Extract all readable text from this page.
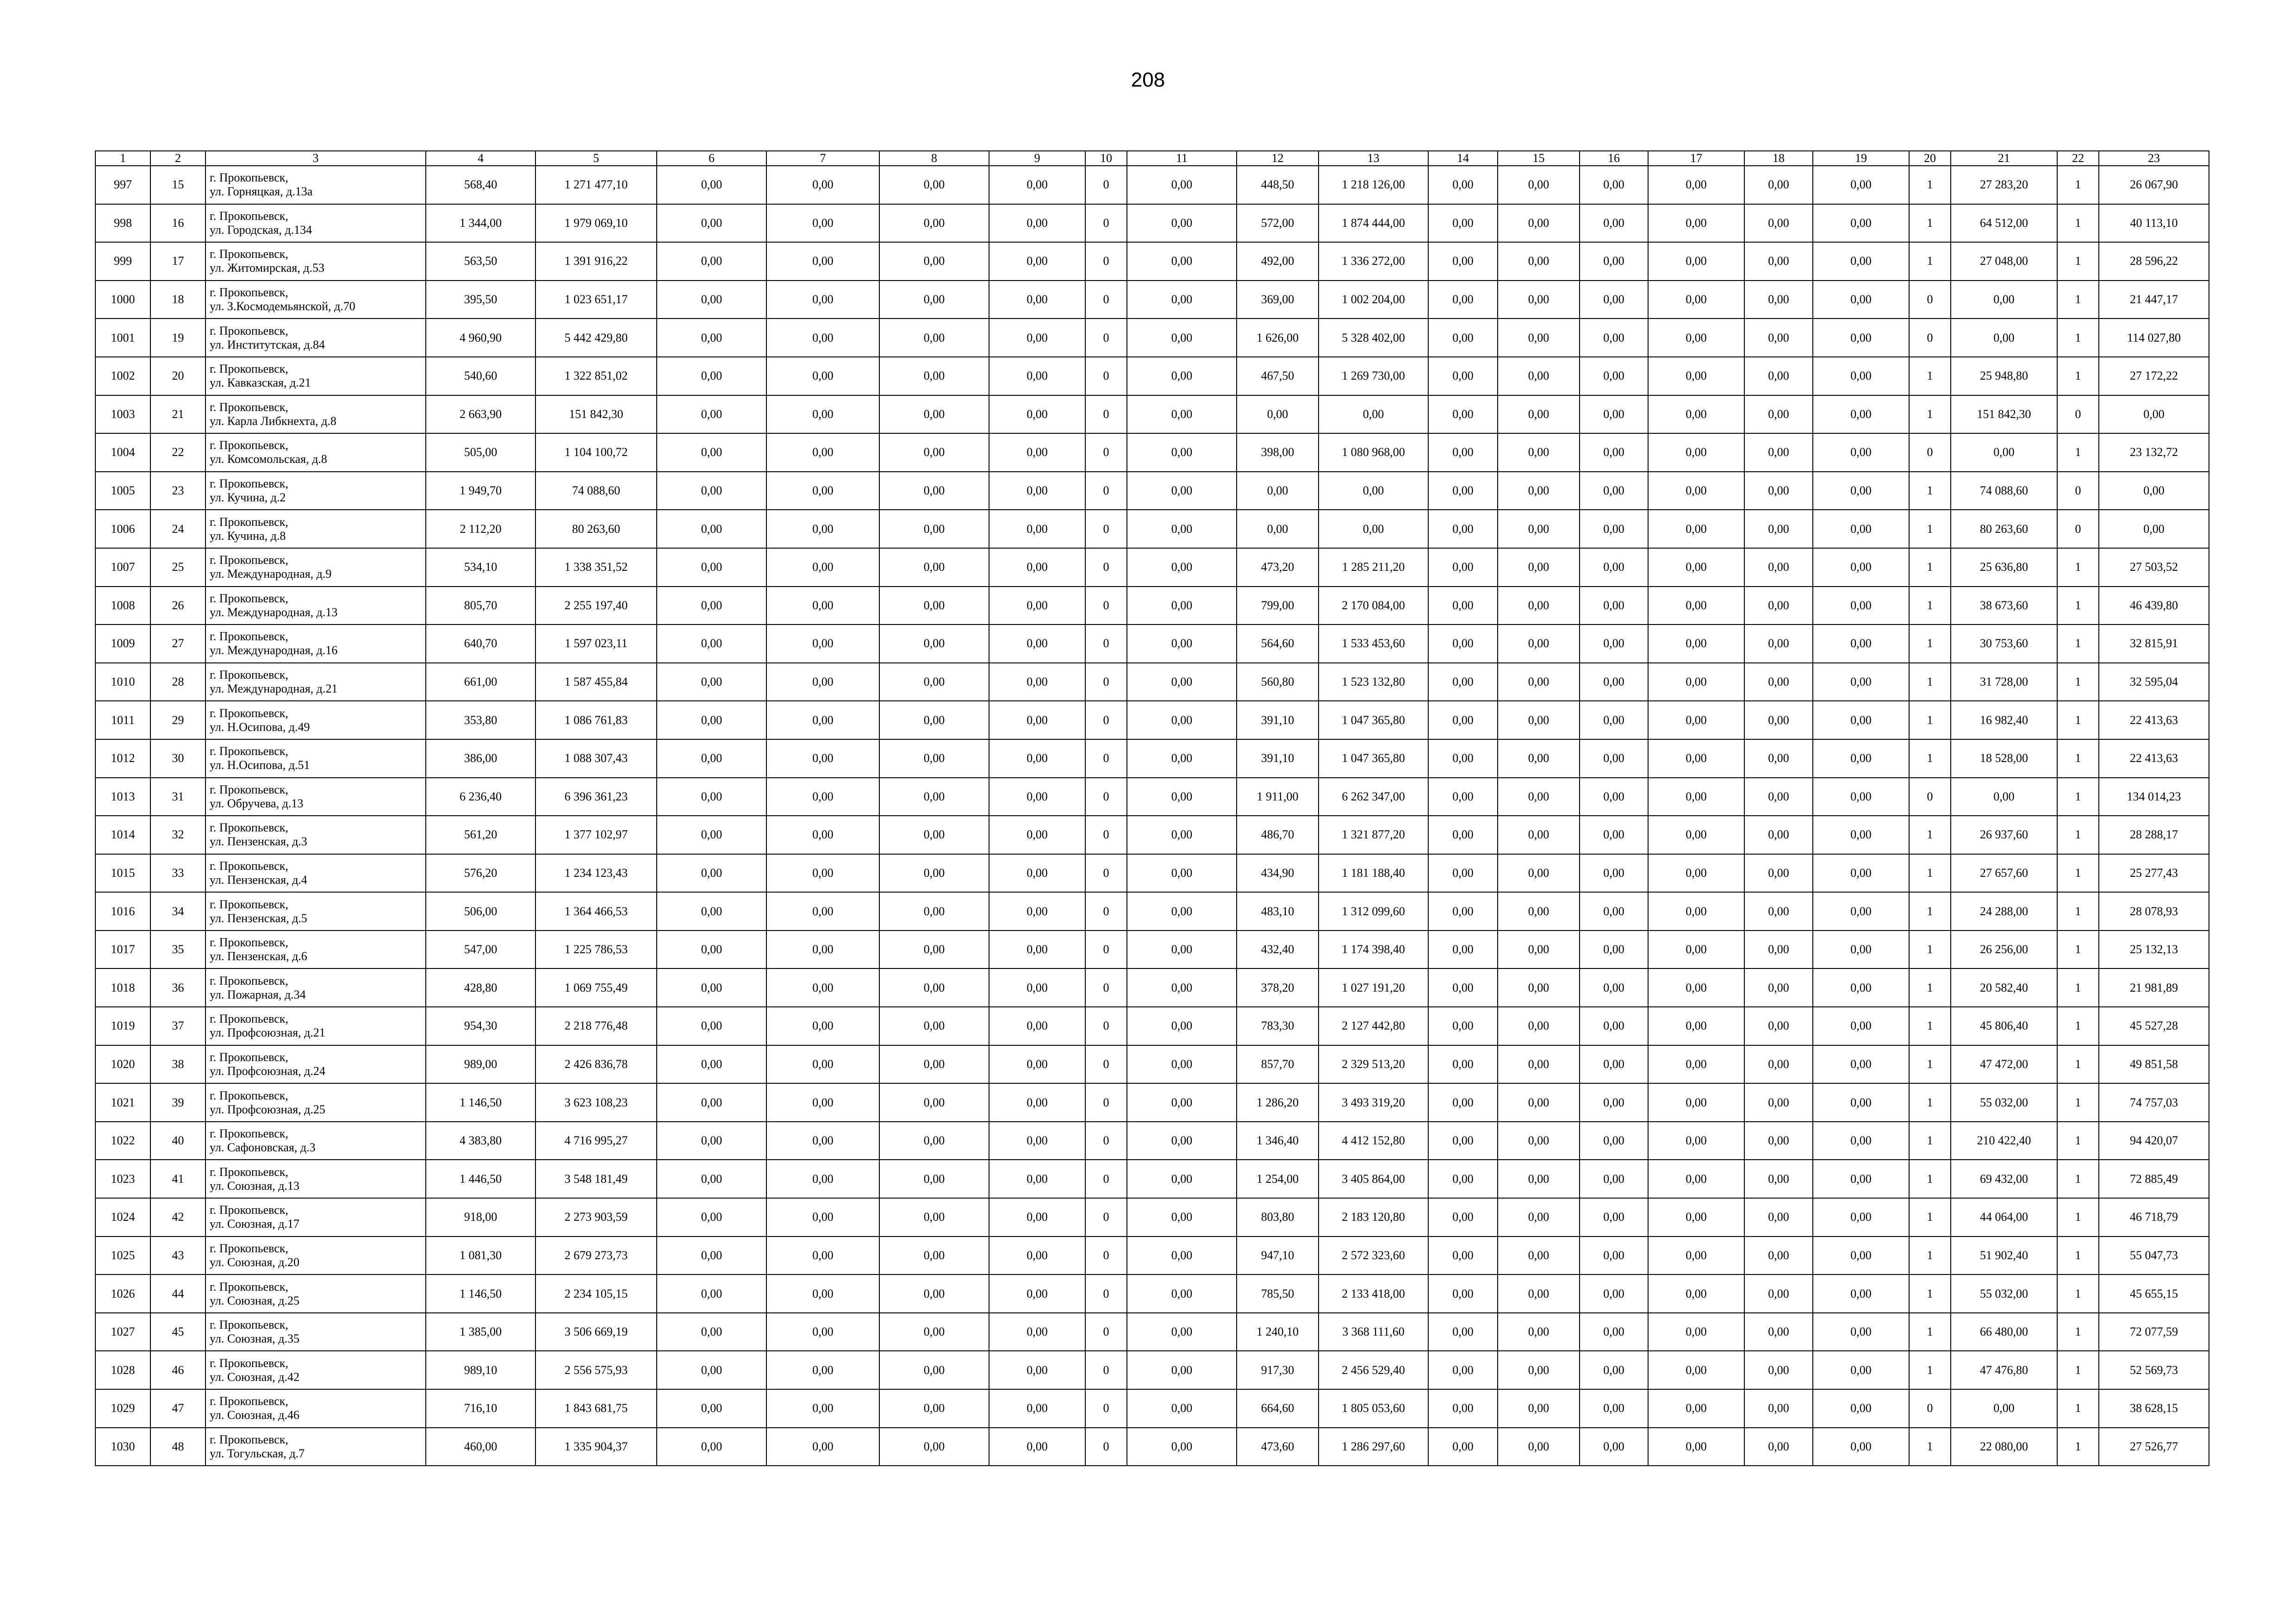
208
1	2	3	4	5	6	7	8	9	10	11	12	13	14	15	16	17	18	19	20	21	22	23
997	15	г. Прокопьевск,
ул. Горняцкая, д.13а	568,40	1 271 477,10	0,00	0,00	0,00	0,00	0	0,00	448,50	1 218 126,00	0,00	0,00	0,00	0,00	0,00	0,00	1	27 283,20	1	26 067,90
998	16	г. Прокопьевск,
ул. Городская, д.134	1 344,00	1 979 069,10	0,00	0,00	0,00	0,00	0	0,00	572,00	1 874 444,00	0,00	0,00	0,00	0,00	0,00	0,00	1	64 512,00	1	40 113,10
999	17	г. Прокопьевск,
ул. Житомирская, д.53	563,50	1 391 916,22	0,00	0,00	0,00	0,00	0	0,00	492,00	1 336 272,00	0,00	0,00	0,00	0,00	0,00	0,00	1	27 048,00	1	28 596,22
1000	18	г. Прокопьевск,
ул. З.Космодемьянской, д.70	395,50	1 023 651,17	0,00	0,00	0,00	0,00	0	0,00	369,00	1 002 204,00	0,00	0,00	0,00	0,00	0,00	0,00	0	0,00	1	21 447,17
1001	19	г. Прокопьевск,
ул. Институтская, д.84	4 960,90	5 442 429,80	0,00	0,00	0,00	0,00	0	0,00	1 626,00	5 328 402,00	0,00	0,00	0,00	0,00	0,00	0,00	0	0,00	1	114 027,80
1002	20	г. Прокопьевск,
ул. Кавказская, д.21	540,60	1 322 851,02	0,00	0,00	0,00	0,00	0	0,00	467,50	1 269 730,00	0,00	0,00	0,00	0,00	0,00	0,00	1	25 948,80	1	27 172,22
1003	21	г. Прокопьевск,
ул. Карла Либкнехта, д.8	2 663,90	151 842,30	0,00	0,00	0,00	0,00	0	0,00	0,00	0,00	0,00	0,00	0,00	0,00	0,00	0,00	1	151 842,30	0	0,00
1004	22	г. Прокопьевск,
ул. Комсомольская, д.8	505,00	1 104 100,72	0,00	0,00	0,00	0,00	0	0,00	398,00	1 080 968,00	0,00	0,00	0,00	0,00	0,00	0,00	0	0,00	1	23 132,72
1005	23	г. Прокопьевск,
ул. Кучина, д.2	1 949,70	74 088,60	0,00	0,00	0,00	0,00	0	0,00	0,00	0,00	0,00	0,00	0,00	0,00	0,00	0,00	1	74 088,60	0	0,00
1006	24	г. Прокопьевск,
ул. Кучина, д.8	2 112,20	80 263,60	0,00	0,00	0,00	0,00	0	0,00	0,00	0,00	0,00	0,00	0,00	0,00	0,00	0,00	1	80 263,60	0	0,00
1007	25	г. Прокопьевск,
ул. Международная, д.9	534,10	1 338 351,52	0,00	0,00	0,00	0,00	0	0,00	473,20	1 285 211,20	0,00	0,00	0,00	0,00	0,00	0,00	1	25 636,80	1	27 503,52
1008	26	г. Прокопьевск,
ул. Международная, д.13	805,70	2 255 197,40	0,00	0,00	0,00	0,00	0	0,00	799,00	2 170 084,00	0,00	0,00	0,00	0,00	0,00	0,00	1	38 673,60	1	46 439,80
1009	27	г. Прокопьевск,
ул. Международная, д.16	640,70	1 597 023,11	0,00	0,00	0,00	0,00	0	0,00	564,60	1 533 453,60	0,00	0,00	0,00	0,00	0,00	0,00	1	30 753,60	1	32 815,91
1010	28	г. Прокопьевск,
ул. Международная, д.21	661,00	1 587 455,84	0,00	0,00	0,00	0,00	0	0,00	560,80	1 523 132,80	0,00	0,00	0,00	0,00	0,00	0,00	1	31 728,00	1	32 595,04
1011	29	г. Прокопьевск,
ул. Н.Осипова, д.49	353,80	1 086 761,83	0,00	0,00	0,00	0,00	0	0,00	391,10	1 047 365,80	0,00	0,00	0,00	0,00	0,00	0,00	1	16 982,40	1	22 413,63
1012	30	г. Прокопьевск,
ул. Н.Осипова, д.51	386,00	1 088 307,43	0,00	0,00	0,00	0,00	0	0,00	391,10	1 047 365,80	0,00	0,00	0,00	0,00	0,00	0,00	1	18 528,00	1	22 413,63
1013	31	г. Прокопьевск,
ул. Обручева, д.13	6 236,40	6 396 361,23	0,00	0,00	0,00	0,00	0	0,00	1 911,00	6 262 347,00	0,00	0,00	0,00	0,00	0,00	0,00	0	0,00	1	134 014,23
1014	32	г. Прокопьевск,
ул. Пензенская, д.3	561,20	1 377 102,97	0,00	0,00	0,00	0,00	0	0,00	486,70	1 321 877,20	0,00	0,00	0,00	0,00	0,00	0,00	1	26 937,60	1	28 288,17
1015	33	г. Прокопьевск,
ул. Пензенская, д.4	576,20	1 234 123,43	0,00	0,00	0,00	0,00	0	0,00	434,90	1 181 188,40	0,00	0,00	0,00	0,00	0,00	0,00	1	27 657,60	1	25 277,43
1016	34	г. Прокопьевск,
ул. Пензенская, д.5	506,00	1 364 466,53	0,00	0,00	0,00	0,00	0	0,00	483,10	1 312 099,60	0,00	0,00	0,00	0,00	0,00	0,00	1	24 288,00	1	28 078,93
1017	35	г. Прокопьевск,
ул. Пензенская, д.6	547,00	1 225 786,53	0,00	0,00	0,00	0,00	0	0,00	432,40	1 174 398,40	0,00	0,00	0,00	0,00	0,00	0,00	1	26 256,00	1	25 132,13
1018	36	г. Прокопьевск,
ул. Пожарная, д.34	428,80	1 069 755,49	0,00	0,00	0,00	0,00	0	0,00	378,20	1 027 191,20	0,00	0,00	0,00	0,00	0,00	0,00	1	20 582,40	1	21 981,89
1019	37	г. Прокопьевск,
ул. Профсоюзная, д.21	954,30	2 218 776,48	0,00	0,00	0,00	0,00	0	0,00	783,30	2 127 442,80	0,00	0,00	0,00	0,00	0,00	0,00	1	45 806,40	1	45 527,28
1020	38	г. Прокопьевск,
ул. Профсоюзная, д.24	989,00	2 426 836,78	0,00	0,00	0,00	0,00	0	0,00	857,70	2 329 513,20	0,00	0,00	0,00	0,00	0,00	0,00	1	47 472,00	1	49 851,58
1021	39	г. Прокопьевск,
ул. Профсоюзная, д.25	1 146,50	3 623 108,23	0,00	0,00	0,00	0,00	0	0,00	1 286,20	3 493 319,20	0,00	0,00	0,00	0,00	0,00	0,00	1	55 032,00	1	74 757,03
1022	40	г. Прокопьевск,
ул. Сафоновская, д.3	4 383,80	4 716 995,27	0,00	0,00	0,00	0,00	0	0,00	1 346,40	4 412 152,80	0,00	0,00	0,00	0,00	0,00	0,00	1	210 422,40	1	94 420,07
1023	41	г. Прокопьевск,
ул. Союзная, д.13	1 446,50	3 548 181,49	0,00	0,00	0,00	0,00	0	0,00	1 254,00	3 405 864,00	0,00	0,00	0,00	0,00	0,00	0,00	1	69 432,00	1	72 885,49
1024	42	г. Прокопьевск,
ул. Союзная, д.17	918,00	2 273 903,59	0,00	0,00	0,00	0,00	0	0,00	803,80	2 183 120,80	0,00	0,00	0,00	0,00	0,00	0,00	1	44 064,00	1	46 718,79
1025	43	г. Прокопьевск,
ул. Союзная, д.20	1 081,30	2 679 273,73	0,00	0,00	0,00	0,00	0	0,00	947,10	2 572 323,60	0,00	0,00	0,00	0,00	0,00	0,00	1	51 902,40	1	55 047,73
1026	44	г. Прокопьевск,
ул. Союзная, д.25	1 146,50	2 234 105,15	0,00	0,00	0,00	0,00	0	0,00	785,50	2 133 418,00	0,00	0,00	0,00	0,00	0,00	0,00	1	55 032,00	1	45 655,15
1027	45	г. Прокопьевск,
ул. Союзная, д.35	1 385,00	3 506 669,19	0,00	0,00	0,00	0,00	0	0,00	1 240,10	3 368 111,60	0,00	0,00	0,00	0,00	0,00	0,00	1	66 480,00	1	72 077,59
1028	46	г. Прокопьевск,
ул. Союзная, д.42	989,10	2 556 575,93	0,00	0,00	0,00	0,00	0	0,00	917,30	2 456 529,40	0,00	0,00	0,00	0,00	0,00	0,00	1	47 476,80	1	52 569,73
1029	47	г. Прокопьевск,
ул. Союзная, д.46	716,10	1 843 681,75	0,00	0,00	0,00	0,00	0	0,00	664,60	1 805 053,60	0,00	0,00	0,00	0,00	0,00	0,00	0	0,00	1	38 628,15
1030	48	г. Прокопьевск,
ул. Тогульская, д.7	460,00	1 335 904,37	0,00	0,00	0,00	0,00	0	0,00	473,60	1 286 297,60	0,00	0,00	0,00	0,00	0,00	0,00	1	22 080,00	1	27 526,77
